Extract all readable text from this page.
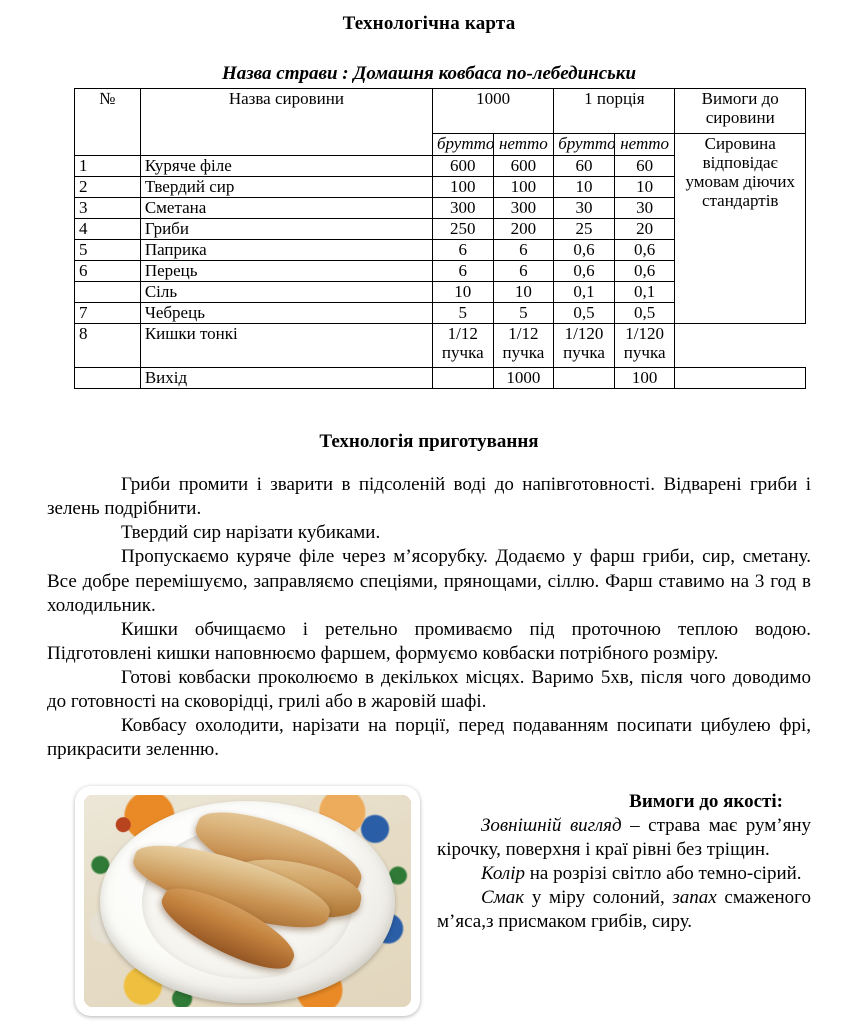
Технологічна карта
Назва страви : Домашня ковбаса по-лебединськи
№	Назва сировини	1000		1 порція		Вимоги до сировини
		брутто	нетто	брутто	нетто	Сировина відповідає умовам діючих стандартів
1	Куряче філе	600	600	60	60	
2	Твердий сир	100	100	10	10	
3	Сметана	300	300	30	30	
4	Гриби	250	200	25	20	
5	Паприка	6	6	0,6	0,6	
6	Перець	6	6	0,6	0,6	
	Сіль	10	10	0,1	0,1	
7	Чебрець	5	5	0,5	0,5	
8	Кишки тонкі	1/12 пучка	1/12 пучка	1/120 пучка	1/120 пучка	
	Вихід		1000		100	
Технологія приготування

Гриби промити і зварити в підсоленій воді до напівготовності. Відварені гриби і зелень подрібнити.

Твердий сир нарізати кубиками.

Пропускаємо куряче філе через м’ясорубку. Додаємо у фарш гриби, сир, сметану. Все добре перемішуємо, заправляємо спеціями, прянощами, сіллю. Фарш ставимо на 3 год в холодильник.

Кишки обчищаємо і ретельно промиваємо під проточною теплою водою. Підготовлені кишки наповнюємо фаршем, формуємо ковбаски потрібного розміру.

Готові ковбаски проколюємо в декількох місцях. Варимо 5хв, після чого доводимо до готовності на сковорідці, грилі або в жаровій шафі.

Ковбасу охолодити, нарізати на порції, перед подаванням посипати цибулею фрі, прикрасити зеленню.

Вимоги до якості:

Зовнішній вигляд – страва має рум’яну кірочку, поверхня і краї рівні без тріщин.

Колір на розрізі світло або темно-сірий.

Смак у міру солоний, запах смаженого м’яса,з присмаком грибів, сиру.
